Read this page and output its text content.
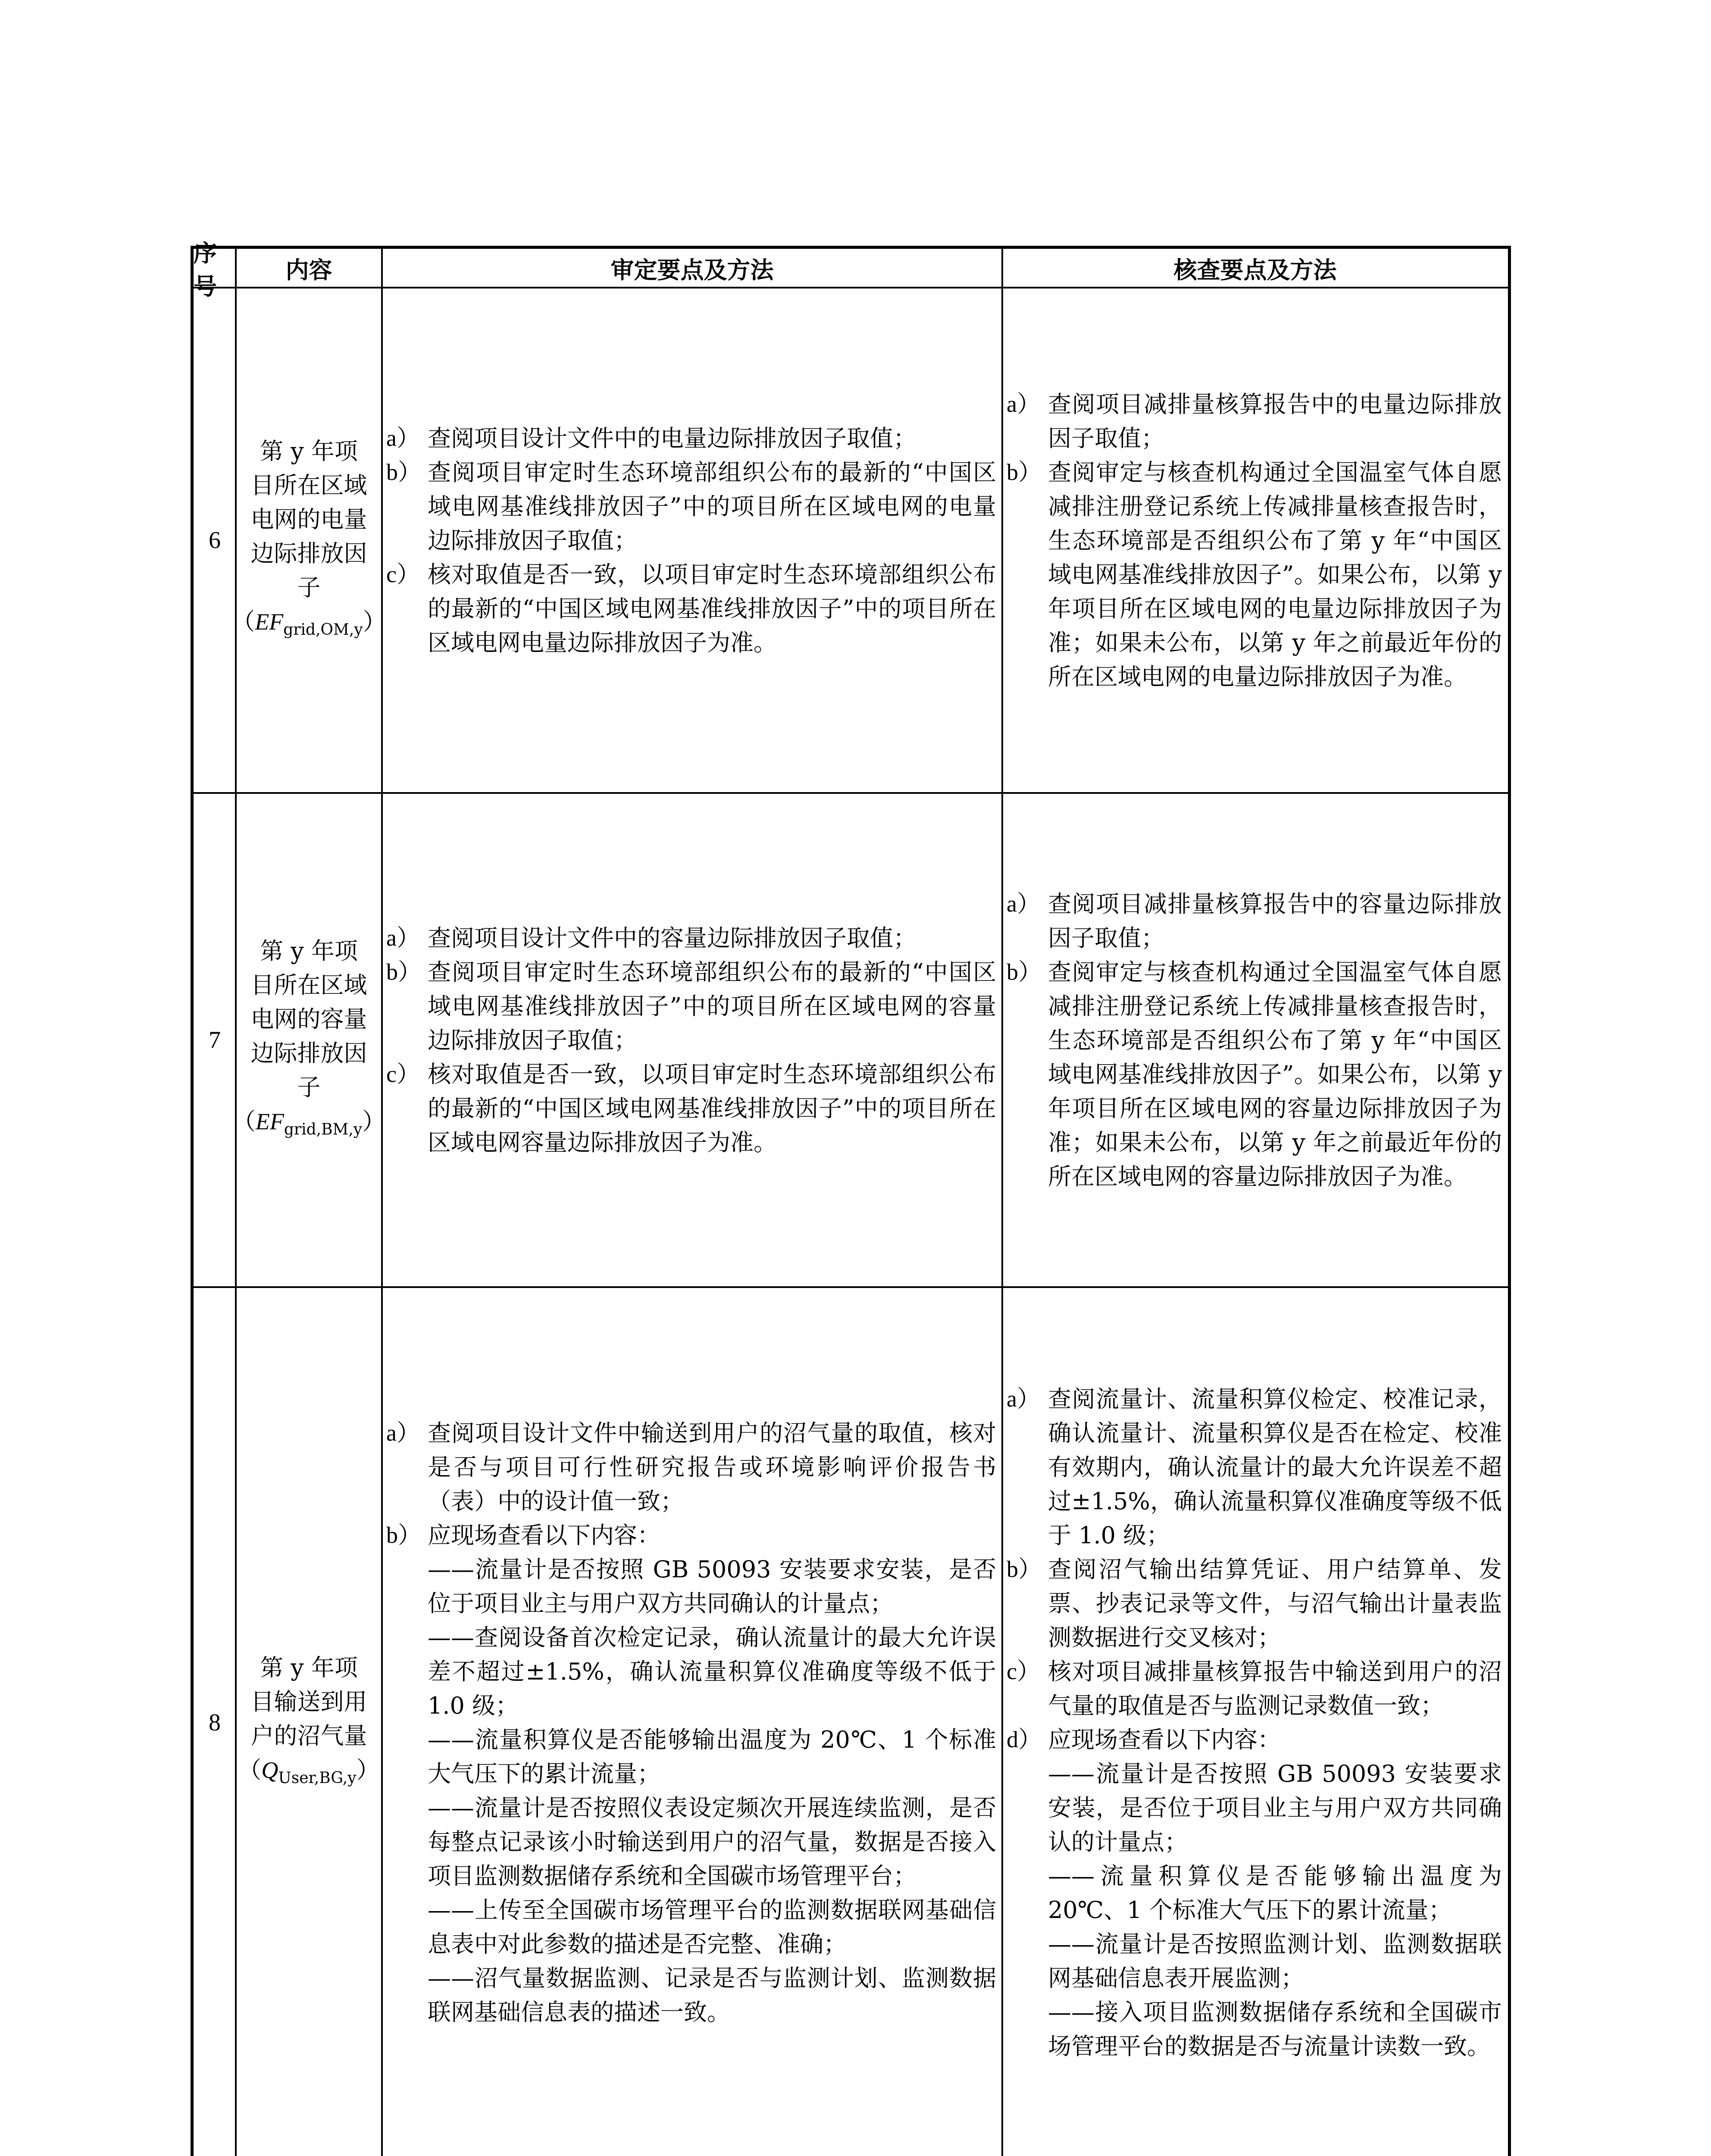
序号
内容	审定要点及方法	核查要点及方法
6
第 y 年项目所在区域电网的电量边际排放因子
$(EF_{grid,OM,y})$
a） 查阅项目设计文件中的电量边际排放因子取值；
b） 查阅项目审定时生态环境部组织公布的最新的“中国区域电网基准线排放因子”中的项目所在区域电网的电量边际排放因子取值；
c） 核对取值是否一致，以项目审定时生态环境部组织公布的最新的“中国区域电网基准线排放因子”中的项目所在区域电网电量边际排放因子为准。
a） 查阅项目减排量核算报告中的电量边际排放因子取值；
b） 查阅审定与核查机构通过全国温室气体自愿减排注册登记系统上传减排量核查报告时，生态环境部是否组织公布了第 y 年“中国区域电网基准线排放因子”。如果公布，以第 y 年项目所在区域电网的电量边际排放因子为准；如果未公布，以第 y 年之前最近年份的所在区域电网的电量边际排放因子为准。
7
第 y 年项目所在区域电网的容量边际排放因子
$(EF_{grid,BM,y})$
a） 查阅项目设计文件中的容量边际排放因子取值；
b） 查阅项目审定时生态环境部组织公布的最新的“中国区域电网基准线排放因子”中的项目所在区域电网的容量边际排放因子取值；
c） 核对取值是否一致，以项目审定时生态环境部组织公布的最新的“中国区域电网基准线排放因子”中的项目所在区域电网容量边际排放因子为准。
a） 查阅项目减排量核算报告中的容量边际排放因子取值；
b） 查阅审定与核查机构通过全国温室气体自愿减排注册登记系统上传减排量核查报告时，生态环境部是否组织公布了第 y 年“中国区域电网基准线排放因子”。如果公布，以第 y 年项目所在区域电网的容量边际排放因子为准；如果未公布，以第 y 年之前最近年份的所在区域电网的容量边际排放因子为准。
8
第 y 年项目输送到用户的沼气量
$(Q_{User,BG,y})$
a） 查阅项目设计文件中输送到用户的沼气量的取值，核对是否与项目可行性研究报告或环境影响评价报告书（表）中的设计值一致；
b） 应现场查看以下内容：
——流量计是否按照 GB 50093 安装要求安装，是否位于项目业主与用户双方共同确认的计量点；
——查阅设备首次检定记录，确认流量计的最大允许误差不超过±1.5%，确认流量积算仪准确度等级不低于 1.0 级；
——流量积算仪是否能够输出温度为 20℃、1 个标准大气压下的累计流量；
——流量计是否按照仪表设定频次开展连续监测，是否每整点记录该小时输送到用户的沼气量，数据是否接入项目监测数据储存系统和全国碳市场管理平台；
——上传至全国碳市场管理平台的监测数据联网基础信息表中对此参数的描述是否完整、准确；
——沼气量数据监测、记录是否与监测计划、监测数据联网基础信息表的描述一致。
a） 查阅流量计、流量积算仪检定、校准记录，确认流量计、流量积算仪是否在检定、校准有效期内，确认流量计的最大允许误差不超过±1.5%，确认流量积算仪准确度等级不低于 1.0 级；
b） 查阅沼气输出结算凭证、用户结算单、发票、抄表记录等文件，与沼气输出计量表监测数据进行交叉核对；
c） 核对项目减排量核算报告中输送到用户的沼气量的取值是否与监测记录数值一致；
d） 应现场查看以下内容：
——流量计是否按照 GB 50093 安装要求安装，是否位于项目业主与用户双方共同确认的计量点；
——流量积算仪是否能够输出温度为 20℃、1 个标准大气压下的累计流量；
——流量计是否按照监测计划、监测数据联网基础信息表开展监测；
——接入项目监测数据储存系统和全国碳市场管理平台的数据是否与流量计读数一致。
